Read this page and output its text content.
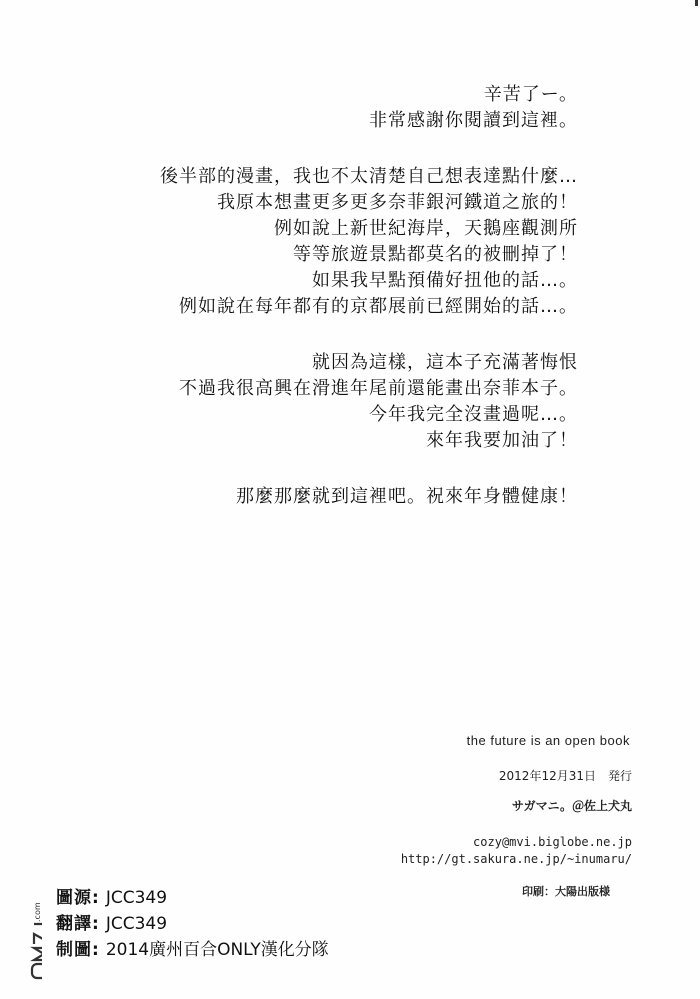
辛苦了ー。
非常感謝你閱讀到這裡。
後半部的漫畫，我也不太清楚自己想表達點什麼…
我原本想畫更多更多奈菲銀河鐵道之旅的！
例如說上新世紀海岸，天鵝座觀測所
等等旅遊景點都莫名的被刪掉了！
如果我早點預備好扭他的話…。
例如說在每年都有的京都展前已經開始的話…。
就因為這樣，這本子充滿著悔恨
不過我很高興在滑進年尾前還能畫出奈菲本子。
今年我完全沒畫過呢…。
來年我要加油了！
那麼那麼就到這裡吧。祝來年身體健康！
the future is an open book
2012年12月31日　発行
サガマニ。＠佐上犬丸
cozy@mvi.biglobe.ne.jp
http://gt.sakura.ne.jp/~inumaru/
印刷：大陽出版様
.com
圖源: JCC349
翻譯: JCC349
制圖: 2014廣州百合ONLY漢化分隊
